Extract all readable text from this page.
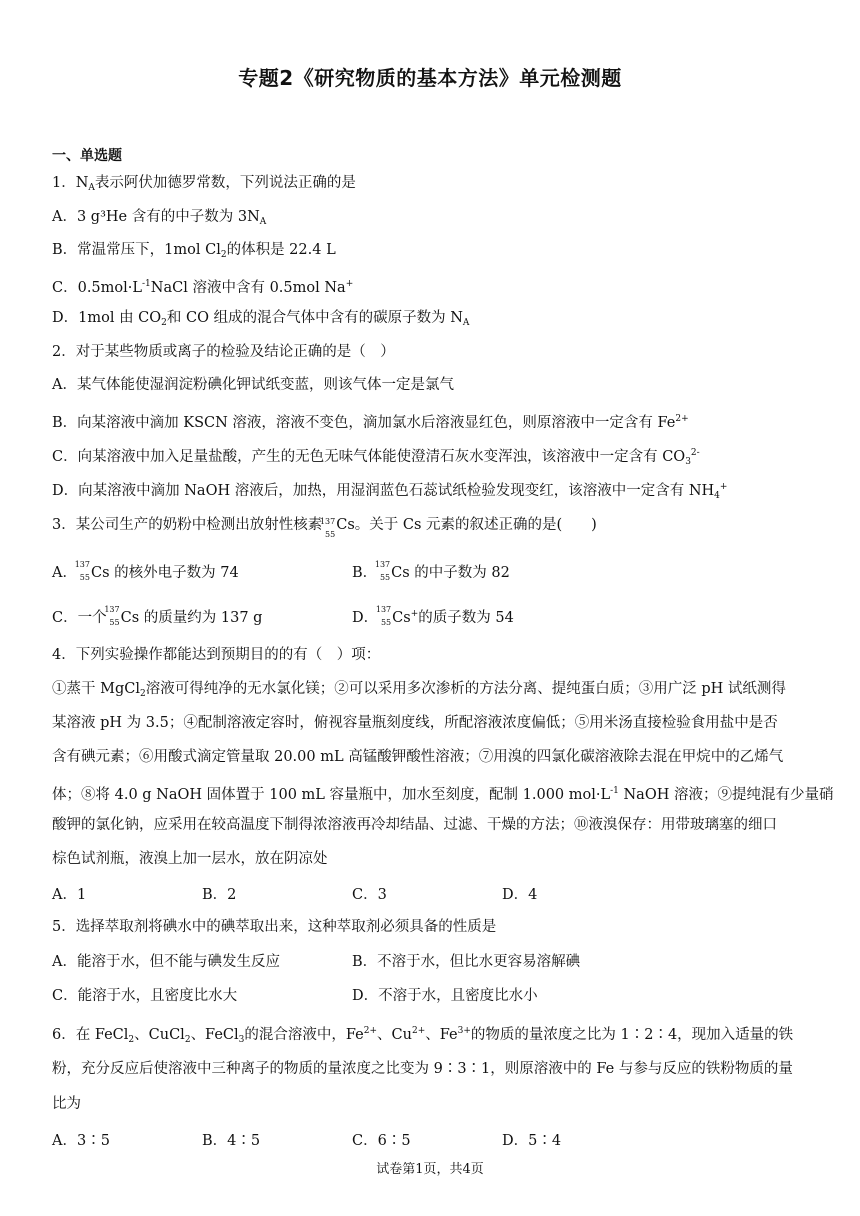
专题2《研究物质的基本方法》单元检测题
一、单选题
1．$N_A$表示阿伏加德罗常数，下列说法正确的是
A．3 g³He 含有的中子数为 $3N_A$
B．常温常压下，1mol $Cl_2$的体积是 22.4 L
C．$0.5mol\cdot L^{-1}NaCl$ 溶液中含有 0.5mol Na+
D．1mol 由 $CO_2$和 CO 组成的混合气体中含有的碳原子数为 $N_A$
2．对于某些物质或离子的检验及结论正确的是（　）
A．某气体能使湿润淀粉碘化钾试纸变蓝，则该气体一定是氯气
B．向某溶液中滴加 KSCN 溶液，溶液不变色，滴加氯水后溶液显红色，则原溶液中一定含有 $Fe^{2+}$
C．向某溶液中加入足量盐酸，产生的无色无味气体能使澄清石灰水变浑浊，该溶液中一定含有 $CO_3^{2-}$
D．向某溶液中滴加 NaOH 溶液后，加热，用湿润蓝色石蕊试纸检验发现变红，该溶液中一定含有 $NH_4^+$
3．某公司生产的奶粉中检测出放射性核素
137
55
Cs。关于 Cs 元素的叙述正确的是(　　)
A．
137
55 Cs 的核外电子数为 74	B．
137
55 Cs 的中子数为 82
C．一个
137
55 Cs 的质量约为 137 g	D．
137
55 Cs+的质子数为 54
4．下列实验操作都能达到预期目的的有（　）项：
①蒸干 MgCl$_2$溶液可得纯净的无水氯化镁；②可以采用多次渗析的方法分离、提纯蛋白质；③用广泛 pH 试纸测得
某溶液 pH 为 3.5；④配制溶液定容时，俯视容量瓶刻度线，所配溶液浓度偏低；⑤用米汤直接检验食用盐中是否
含有碘元素；⑥用酸式滴定管量取 20.00 mL 高锰酸钾酸性溶液；⑦用溴的四氯化碳溶液除去混在甲烷中的乙烯气
体；⑧将 4.0 g NaOH 固体置于 100 mL 容量瓶中，加水至刻度，配制 1.000 $mol\cdot L^{-1}$ NaOH 溶液；⑨提纯混有少量硝
酸钾的氯化钠，应采用在较高温度下制得浓溶液再冷却结晶、过滤、干燥的方法；⑩液溴保存：用带玻璃塞的细口
棕色试剂瓶，液溴上加一层水，放在阴凉处
A．1	B．2	C．3	D．4
5．选择萃取剂将碘水中的碘萃取出来，这种萃取剂必须具备的性质是
A．能溶于水，但不能与碘发生反应	B．不溶于水，但比水更容易溶解碘
C．能溶于水，且密度比水大	D．不溶于水，且密度比水小
6．在 FeCl$_2$、CuCl$_2$、FeCl$_3$的混合溶液中，$Fe^{2+}$、$Cu^{2+}$、$Fe^{3+}$的物质的量浓度之比为 1∶2∶4，现加入适量的铁
粉，充分反应后使溶液中三种离子的物质的量浓度之比变为 9∶3∶1，则原溶液中的 Fe 与参与反应的铁粉物质的量
比为
A．3∶5	B．4∶5	C．6∶5	D．5∶4
试卷第1页，共4页
